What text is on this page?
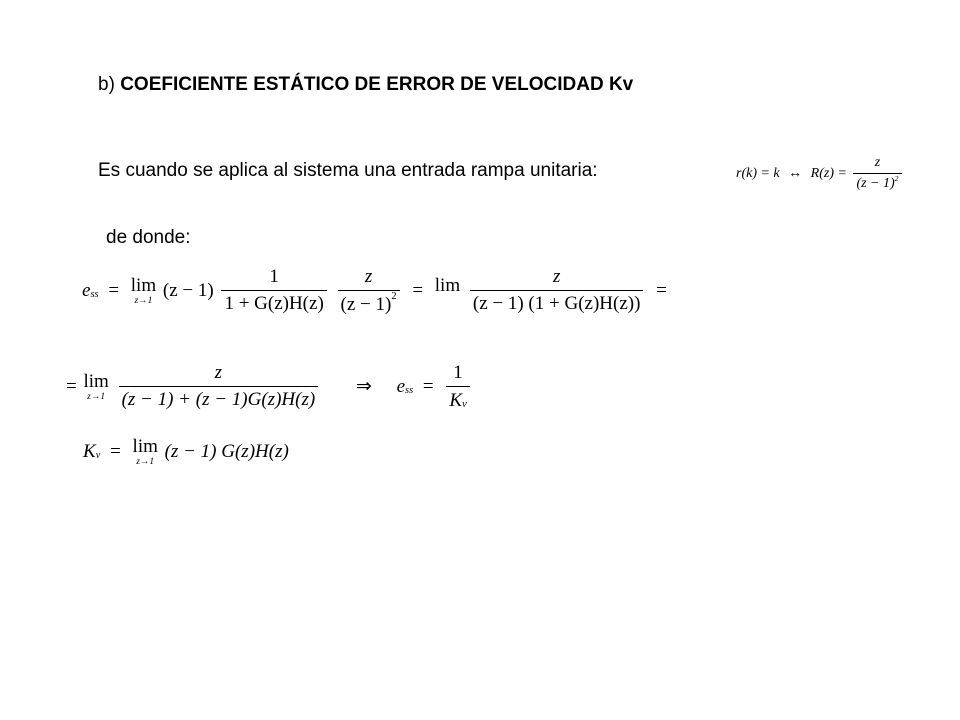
b) COEFICIENTE ESTÁTICO DE ERROR DE VELOCIDAD Kv
Es cuando se aplica al sistema una entrada rampa unitaria:	r(k) = k ↔ $R(z) = \frac{z}{(z - 1)2}$
de donde:
ess = lim
z→1
$(z - 1) \frac{1}{1 + G(z)H(z)}$
$\frac{z}{(z - 1)2} = \lim$

$\frac{z}{(z - 1) (1 + G(z)H(z))}$ =
= lim
z→1
$\frac{z}{(z - 1) + (z - 1)G(z)H(z)}$ ⇒ ess = $\frac{1}{Kv}$
Kv = lim
z→1
(z − 1) G(z)H(z)
